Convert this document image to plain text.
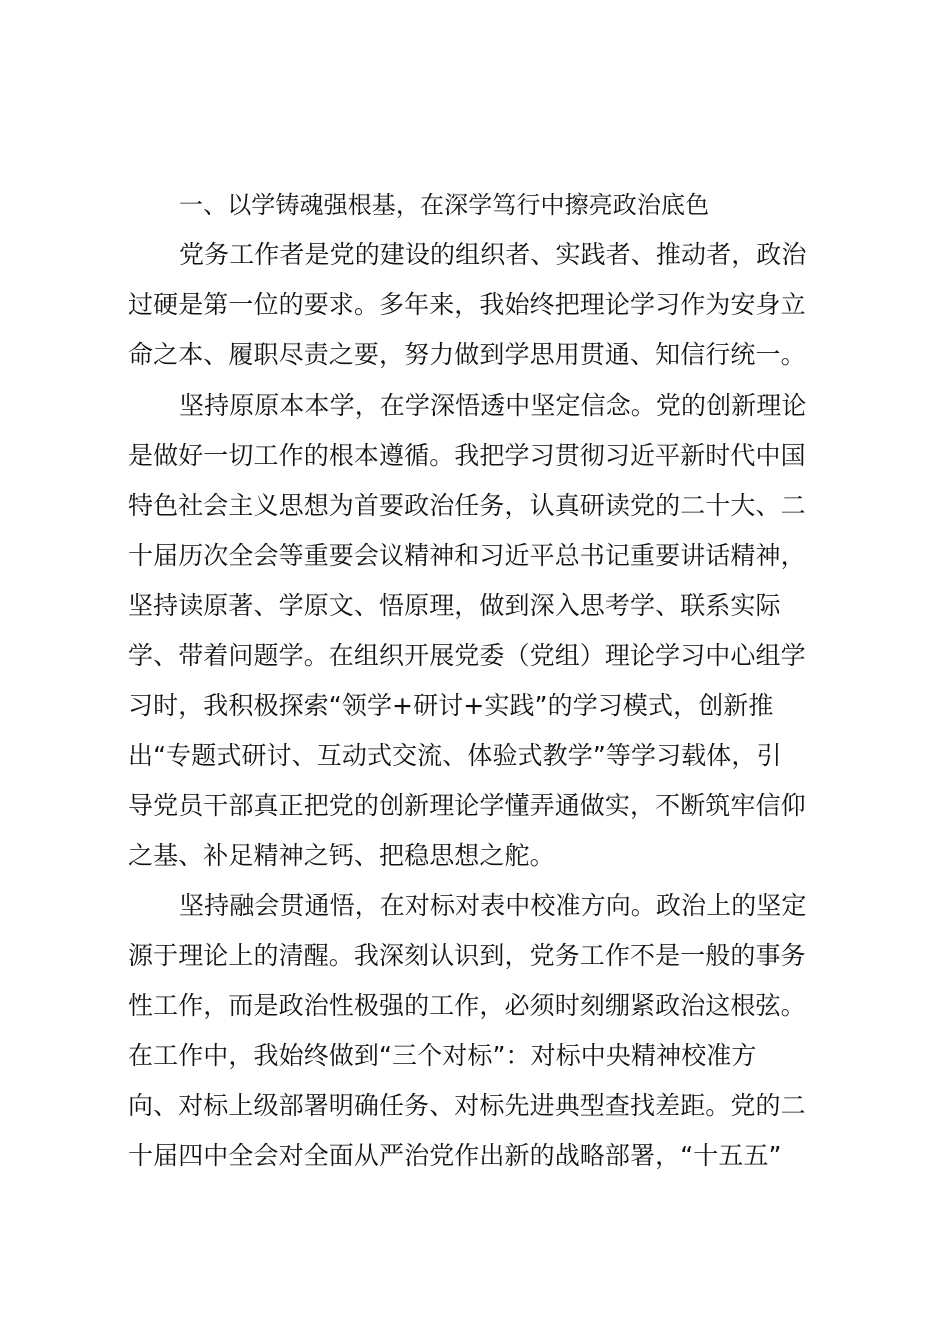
一、以学铸魂强根基，在深学笃行中擦亮政治底色
党务工作者是党的建设的组织者、实践者、推动者，政治
过硬是第一位的要求。多年来，我始终把理论学习作为安身立
命之本、履职尽责之要，努力做到学思用贯通、知信行统一。
坚持原原本本学，在学深悟透中坚定信念。党的创新理论
是做好一切工作的根本遵循。我把学习贯彻习近平新时代中国
特色社会主义思想为首要政治任务，认真研读党的二十大、二
十届历次全会等重要会议精神和习近平总书记重要讲话精神，
坚持读原著、学原文、悟原理，做到深入思考学、联系实际
学、带着问题学。在组织开展党委（党组）理论学习中心组学
习时，我积极探索“领学+研讨+实践”的学习模式，创新推
出“专题式研讨、互动式交流、体验式教学”等学习载体，引
导党员干部真正把党的创新理论学懂弄通做实，不断筑牢信仰
之基、补足精神之钙、把稳思想之舵。
坚持融会贯通悟，在对标对表中校准方向。政治上的坚定
源于理论上的清醒。我深刻认识到，党务工作不是一般的事务
性工作，而是政治性极强的工作，必须时刻绷紧政治这根弦。
在工作中，我始终做到“三个对标”：对标中央精神校准方
向、对标上级部署明确任务、对标先进典型查找差距。党的二
十届四中全会对全面从严治党作出新的战略部署，“十五五”
